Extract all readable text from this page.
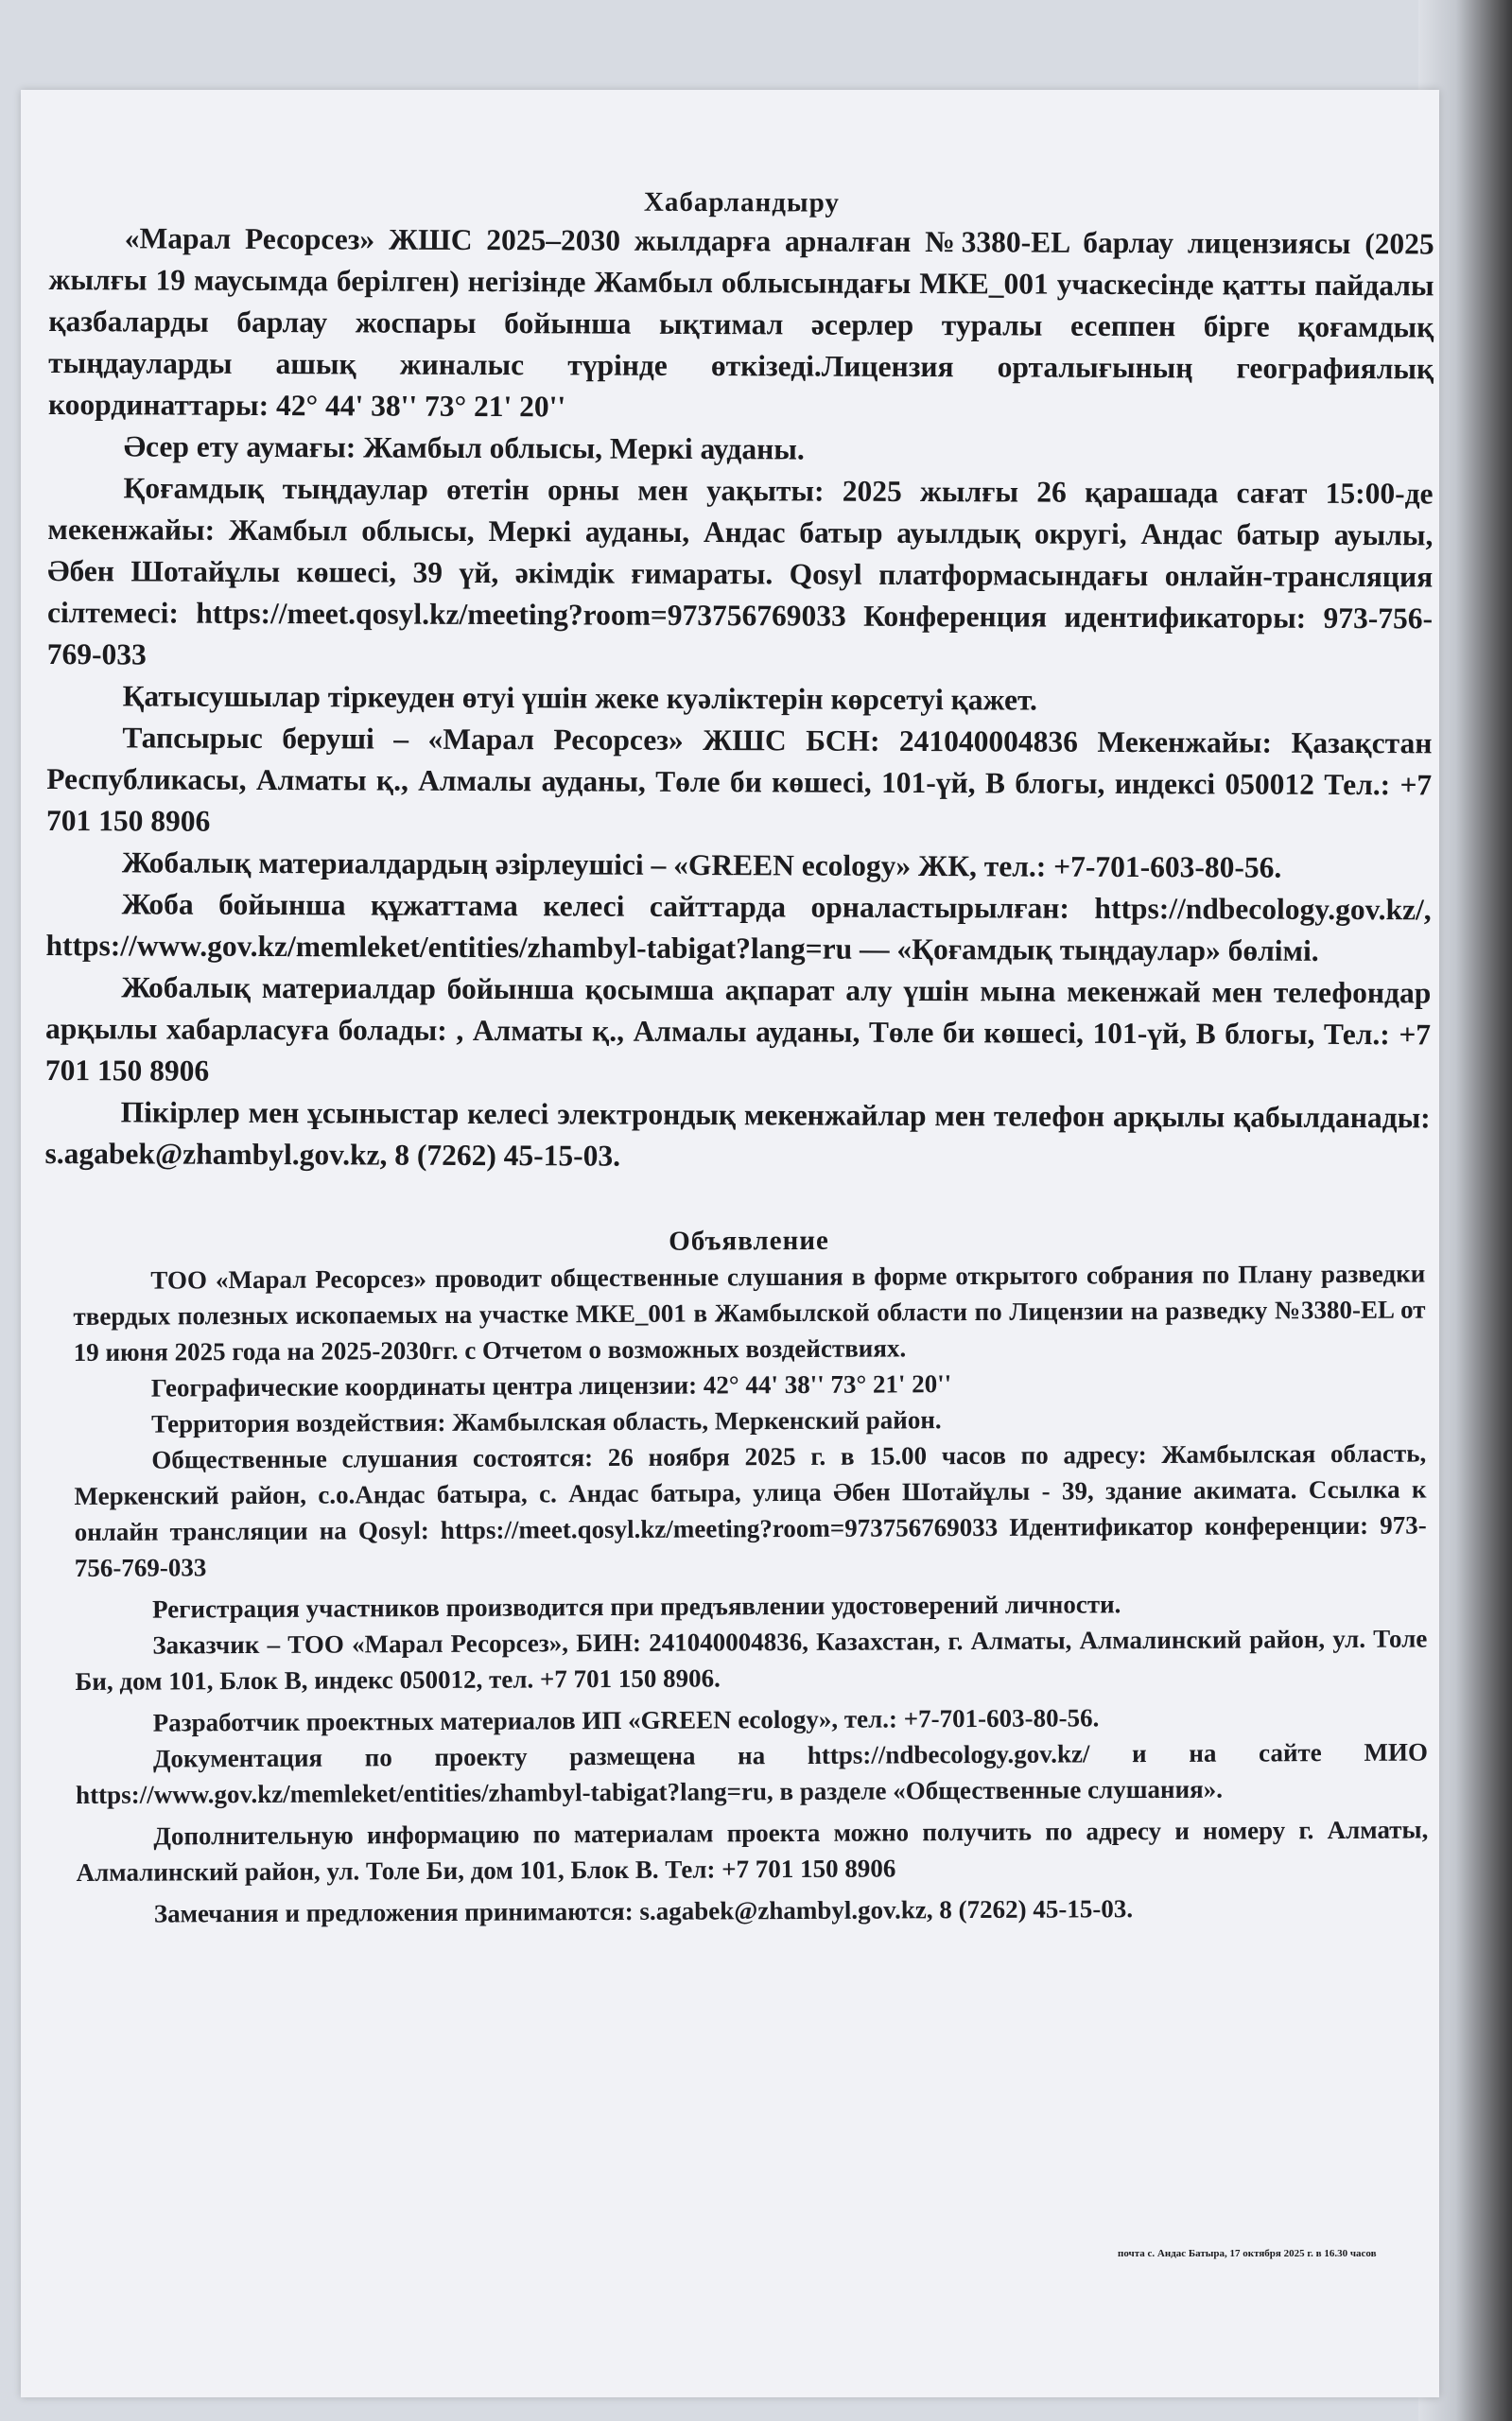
Хабарландыру

«Марал Ресорсез» ЖШС 2025–2030 жылдарға арналған №3380-EL барлау лицензиясы (2025 жылғы 19 маусымда берілген) негізінде Жамбыл облысындағы МКЕ_001 учаскесінде қатты пайдалы қазбаларды барлау жоспары бойынша ықтимал әсерлер туралы есеппен бірге қоғамдық тыңдауларды ашық жиналыс түрінде өткізеді.Лицензия орталығының географиялық координаттары: 42° 44' 38'' 73° 21' 20''

Әсер ету аумағы: Жамбыл облысы, Меркі ауданы.

Қоғамдық тыңдаулар өтетін орны мен уақыты: 2025 жылғы 26 қарашада сағат 15:00-де мекенжайы: Жамбыл облысы, Меркі ауданы, Андас батыр ауылдық округі, Андас батыр ауылы, Әбен Шотайұлы көшесі, 39 үй, әкімдік ғимараты. Qosyl платформасындағы онлайн-трансляция сілтемесі: https://meet.qosyl.kz/meeting?room=973756769033 Конференция идентификаторы: 973-756-769-033

Қатысушылар тіркеуден өтуі үшін жеке куәліктерін көрсетуі қажет.

Тапсырыс беруші – «Марал Ресорсез» ЖШС БСН: 241040004836 Мекенжайы: Қазақстан Республикасы, Алматы қ., Алмалы ауданы, Төле би көшесі, 101-үй, В блогы, индексі 050012 Тел.: +7 701 150 8906

Жобалық материалдардың әзірлеушісі – «GREEN ecology» ЖК, тел.: +7-701-603-80-56.

Жоба бойынша құжаттама келесі сайттарда орналастырылған: https://ndbecology.gov.kz/, https://www.gov.kz/memleket/entities/zhambyl-tabigat?lang=ru — «Қоғамдық тыңдаулар» бөлімі.

Жобалық материалдар бойынша қосымша ақпарат алу үшін мына мекенжай мен телефондар арқылы хабарласуға болады: , Алматы қ., Алмалы ауданы, Төле би көшесі, 101-үй, В блогы, Тел.: +7 701 150 8906

Пікірлер мен ұсыныстар келесі электрондық мекенжайлар мен телефон арқылы қабылданады: s.agabek@zhambyl.gov.kz, 8 (7262) 45-15-03.

Объявление

ТОО «Марал Ресорсез» проводит общественные слушания в форме открытого собрания по Плану разведки твердых полезных ископаемых на участке МКЕ_001 в Жамбылской области по Лицензии на разведку №3380-EL от 19 июня 2025 года на 2025-2030гг. с Отчетом о возможных воздействиях.

Географические координаты центра лицензии: 42° 44' 38'' 73° 21' 20''

Территория воздействия: Жамбылская область, Меркенский район.

Общественные слушания состоятся: 26 ноября 2025 г. в 15.00 часов по адресу: Жамбылская область, Меркенский район, с.о.Андас батыра, с. Андас батыра, улица Әбен Шотайұлы - 39, здание акимата. Ссылка к онлайн трансляции на Qosyl: https://meet.qosyl.kz/meeting?room=973756769033 Идентификатор конференции: 973-756-769-033

Регистрация участников производится при предъявлении удостоверений личности.

Заказчик – ТОО «Марал Ресорсез», БИН: 241040004836, Казахстан, г. Алматы, Алмалинский район, ул. Толе Би, дом 101, Блок В, индекс 050012, тел. +7 701 150 8906.

Разработчик проектных материалов ИП «GREEN ecology», тел.: +7-701-603-80-56.

Документация по проекту размещена на https://ndbecology.gov.kz/ и на сайте МИО https://www.gov.kz/memleket/entities/zhambyl-tabigat?lang=ru, в разделе «Общественные слушания».

Дополнительную информацию по материалам проекта можно получить по адресу и номеру г. Алматы, Алмалинский район, ул. Толе Би, дом 101, Блок В. Тел: +7 701 150 8906

Замечания и предложения принимаются: s.agabek@zhambyl.gov.kz, 8 (7262) 45-15-03.

почта с. Андас Батыра, 17 октября 2025 г. в 16.30 часов
